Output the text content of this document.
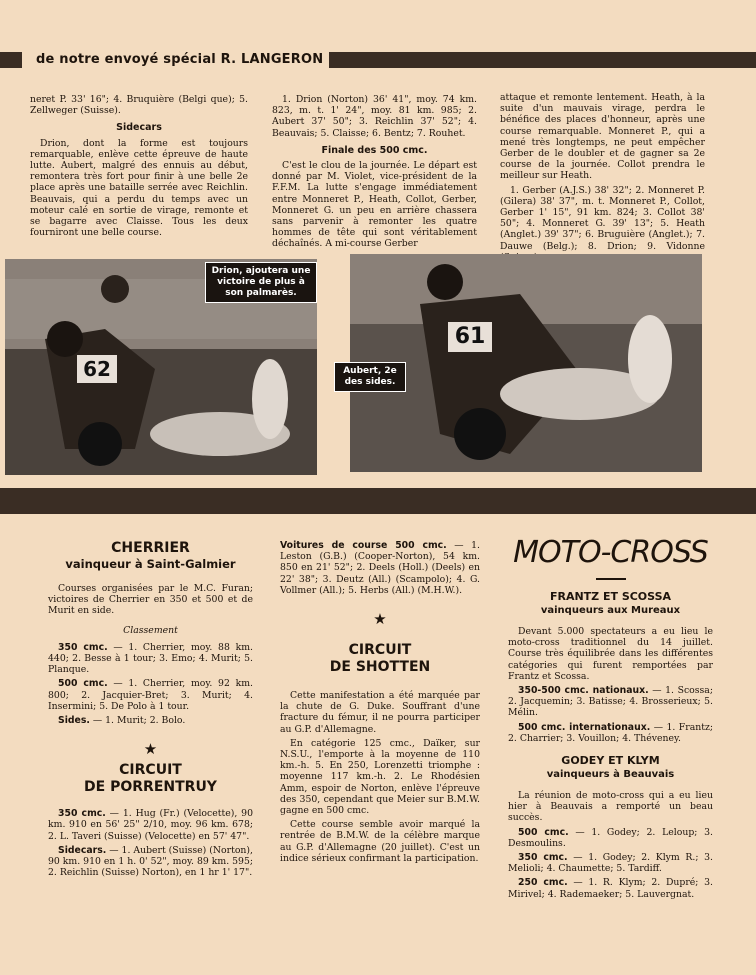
de notre envoyé spécial R. LANGERON

neret P. 33' 16"; 4. Bruquière (Belgi que); 5. Zellweger (Suisse).

Sidecars

Drion, dont la forme est toujours remarquable, enlève cette épreuve de haute lutte. Aubert, malgré des ennuis au début, remontera très fort pour finir à une belle 2e place après une bataille serrée avec Reichlin. Beauvais, qui a perdu du temps avec un moteur calé en sortie de virage, remonte et se bagarre avec Claisse. Tous les deux fourniront une belle course.

1. Drion (Norton) 36' 41", moy. 74 km. 823, m. t. 1' 24", moy. 81 km. 985; 2. Aubert 37' 50"; 3. Reichlin 37' 52"; 4. Beauvais; 5. Claisse; 6. Bentz; 7. Rouhet.

Finale des 500 cmc.

C'est le clou de la journée. Le départ est donné par M. Violet, vice-président de la F.F.M. La lutte s'engage immédiatement entre Monneret P., Heath, Collot, Gerber, Monneret G. un peu en arrière chassera sans parvenir à remonter les quatre hommes de tête qui sont véritablement déchaînés. A mi-course Gerber

attaque et remonte lentement. Heath, à la suite d'un mauvais virage, perdra le bénéfice des places d'honneur, après une course remarquable. Monneret P., qui a mené très longtemps, ne peut empêcher Gerber de le doubler et de gagner sa 2e course de la journée. Collot prendra le meilleur sur Heath.

1. Gerber (A.J.S.) 38' 32"; 2. Monneret P. (Gilera) 38' 37", m. t. Monneret P., Collot, Gerber 1' 15", 91 km. 824; 3. Collot 38' 50"; 4. Monneret G. 39' 13"; 5. Heath (Anglet.) 39' 37"; 6. Bruguière (Anglet.); 7. Dauwe (Belg.); 8. Drion; 9. Vidonne

62
Drion, ajoutera une victoire de plus à son palmarès.
61
Aubert, 2e des sides.
CHERRIER
vainqueur à Saint-Galmier

Courses organisées par le M.C. Furan; victoires de Cherrier en 350 et 500 et de Murit en side.

Classement

350 cmc. — 1. Cherrier, moy. 88 km. 440; 2. Besse à 1 tour; 3. Emo; 4. Murit; 5. Planque.

500 cmc. — 1. Cherrier, moy. 92 km. 800; 2. Jacquier-Bret; 3. Murit; 4. Insermini; 5. De Polo à 1 tour.

Sides. — 1. Murit; 2. Bolo.

★
CIRCUIT
DE PORRENTRUY

350 cmc. — 1. Hug (Fr.) (Velocette), 90 km. 910 en 56' 25" 2/10, moy. 96 km. 678; 2. L. Taveri (Suisse) (Velocette) en 57' 47".

Sidecars. — 1. Aubert (Suisse) (Norton), 90 km. 910 en 1 h. 0' 52", moy. 89 km. 595; 2. Reichlin (Suisse) Norton), en 1 hr 1' 17".

Voitures de course 500 cmc. — 1. Leston (G.B.) (Cooper-Norton), 54 km. 850 en 21' 52"; 2. Deels (Holl.) (Deels) en 22' 38"; 3. Deutz (All.) (Scampolo); 4. G. Vollmer (All.); 5. Herbs (All.) (M.H.W.).

★
CIRCUIT
DE SHOTTEN

Cette manifestation a été marquée par la chute de G. Duke. Souffrant d'une fracture du fémur, il ne pourra participer au G.P. d'Allemagne.

En catégorie 125 cmc., Daïker, sur N.S.U., l'emporte à la moyenne de 110 km.-h. 5. En 250, Lorenzetti triomphe : moyenne 117 km.-h. 2. Le Rhodésien Amm, espoir de Norton, enlève l'épreuve des 350, cependant que Meier sur B.M.W. gagne en 500 cmc.

Cette course semble avoir marqué la rentrée de B.M.W. de la célèbre marque au G.P. d'Allemagne (20 juillet). C'est un indice sérieux confirmant la participation.

MOTO-CROSS
FRANTZ ET SCOSSA
vainqueurs aux Mureaux

Devant 5.000 spectateurs a eu lieu le moto-cross traditionnel du 14 juillet. Course très équilibrée dans les différentes catégories qui furent remportées par Frantz et Scossa.

350-500 cmc. nationaux. — 1. Scossa; 2. Jacquemin; 3. Batisse; 4. Brosserieux; 5. Mélin.

500 cmc. internationaux. — 1. Frantz; 2. Charrier; 3. Vouillon; 4. Théveney.

GODEY ET KLYM
vainqueurs à Beauvais

La réunion de moto-cross qui a eu lieu hier à Beauvais a remporté un beau succès.

500 cmc. — 1. Godey; 2. Leloup; 3. Desmoulins.

350 cmc. — 1. Godey; 2. Klym R.; 3. Melioli; 4. Chaumette; 5. Tardiff.

250 cmc. — 1. R. Klym; 2. Dupré; 3. Mirivel; 4. Rademaeker; 5. Lauvergnat.
